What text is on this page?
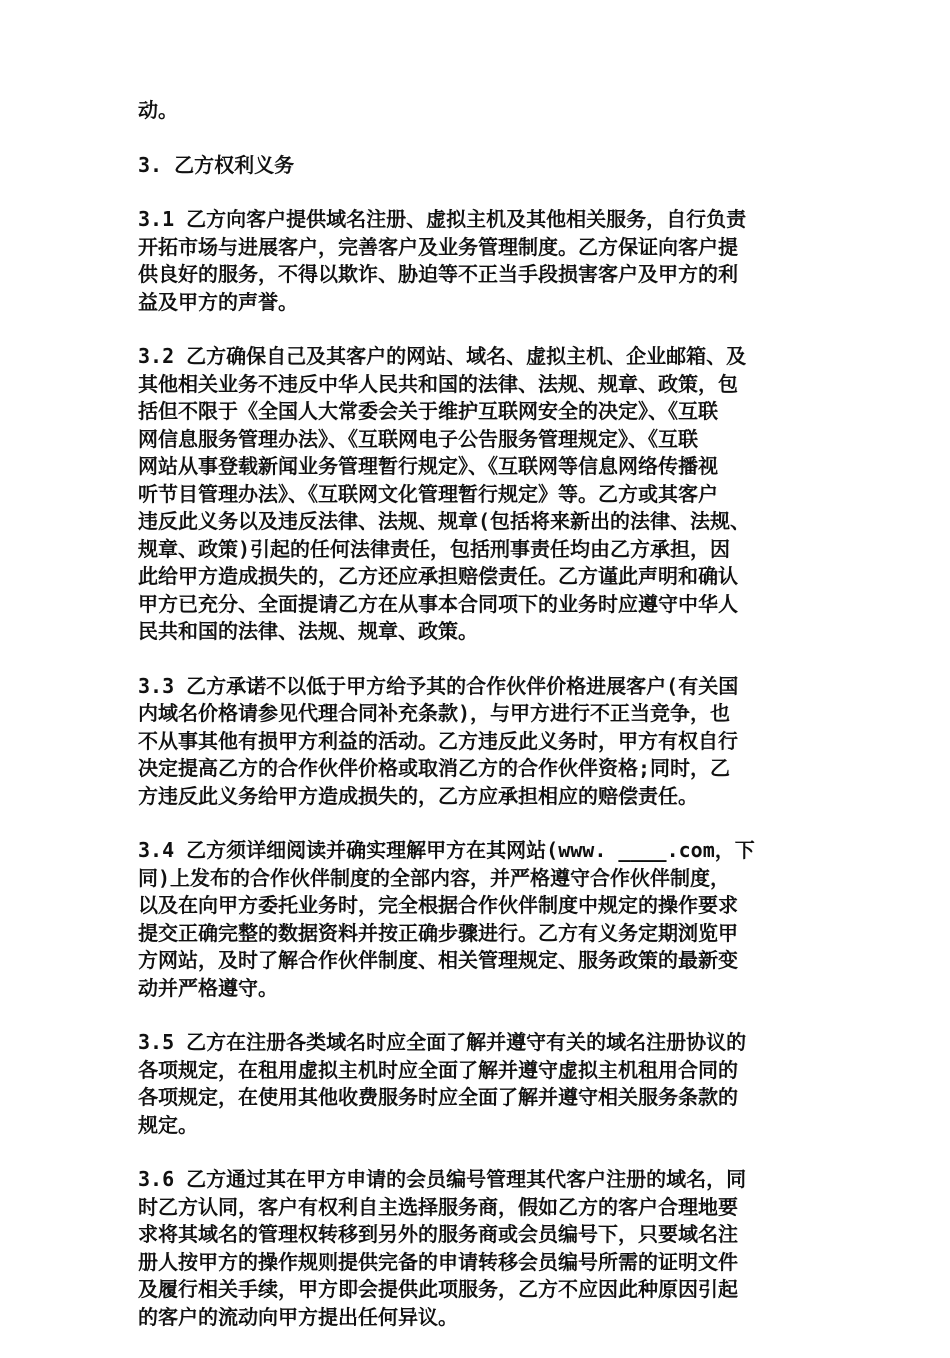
动。

3. 乙方权利义务

3.1 乙方向客户提供域名注册、虚拟主机及其他相关服务，自行负责
开拓市场与进展客户，完善客户及业务管理制度。乙方保证向客户提
供良好的服务，不得以欺诈、胁迫等不正当手段损害客户及甲方的利
益及甲方的声誉。

3.2 乙方确保自己及其客户的网站、域名、虚拟主机、企业邮箱、及
其他相关业务不违反中华人民共和国的法律、法规、规章、政策，包
括但不限于《全国人大常委会关于维护互联网安全的决定》、《互联
网信息服务管理办法》、《互联网电子公告服务管理规定》、《互联
网站从事登载新闻业务管理暂行规定》、《互联网等信息网络传播视
听节目管理办法》、《互联网文化管理暂行规定》等。乙方或其客户
违反此义务以及违反法律、法规、规章(包括将来新出的法律、法规、
规章、政策)引起的任何法律责任，包括刑事责任均由乙方承担，因
此给甲方造成损失的，乙方还应承担赔偿责任。乙方谨此声明和确认
甲方已充分、全面提请乙方在从事本合同项下的业务时应遵守中华人
民共和国的法律、法规、规章、政策。

3.3 乙方承诺不以低于甲方给予其的合作伙伴价格进展客户(有关国
内域名价格请参见代理合同补充条款)，与甲方进行不正当竞争，也
不从事其他有损甲方利益的活动。乙方违反此义务时，甲方有权自行
决定提高乙方的合作伙伴价格或取消乙方的合作伙伴资格;同时，乙
方违反此义务给甲方造成损失的，乙方应承担相应的赔偿责任。

3.4 乙方须详细阅读并确实理解甲方在其网站(www. ____.com，下
同)上发布的合作伙伴制度的全部内容，并严格遵守合作伙伴制度，
以及在向甲方委托业务时，完全根据合作伙伴制度中规定的操作要求
提交正确完整的数据资料并按正确步骤进行。乙方有义务定期浏览甲
方网站，及时了解合作伙伴制度、相关管理规定、服务政策的最新变
动并严格遵守。

3.5 乙方在注册各类域名时应全面了解并遵守有关的域名注册协议的
各项规定，在租用虚拟主机时应全面了解并遵守虚拟主机租用合同的
各项规定，在使用其他收费服务时应全面了解并遵守相关服务条款的
规定。

3.6 乙方通过其在甲方申请的会员编号管理其代客户注册的域名，同
时乙方认同，客户有权利自主选择服务商，假如乙方的客户合理地要
求将其域名的管理权转移到另外的服务商或会员编号下，只要域名注
册人按甲方的操作规则提供完备的申请转移会员编号所需的证明文件
及履行相关手续，甲方即会提供此项服务，乙方不应因此种原因引起
的客户的流动向甲方提出任何异议。
